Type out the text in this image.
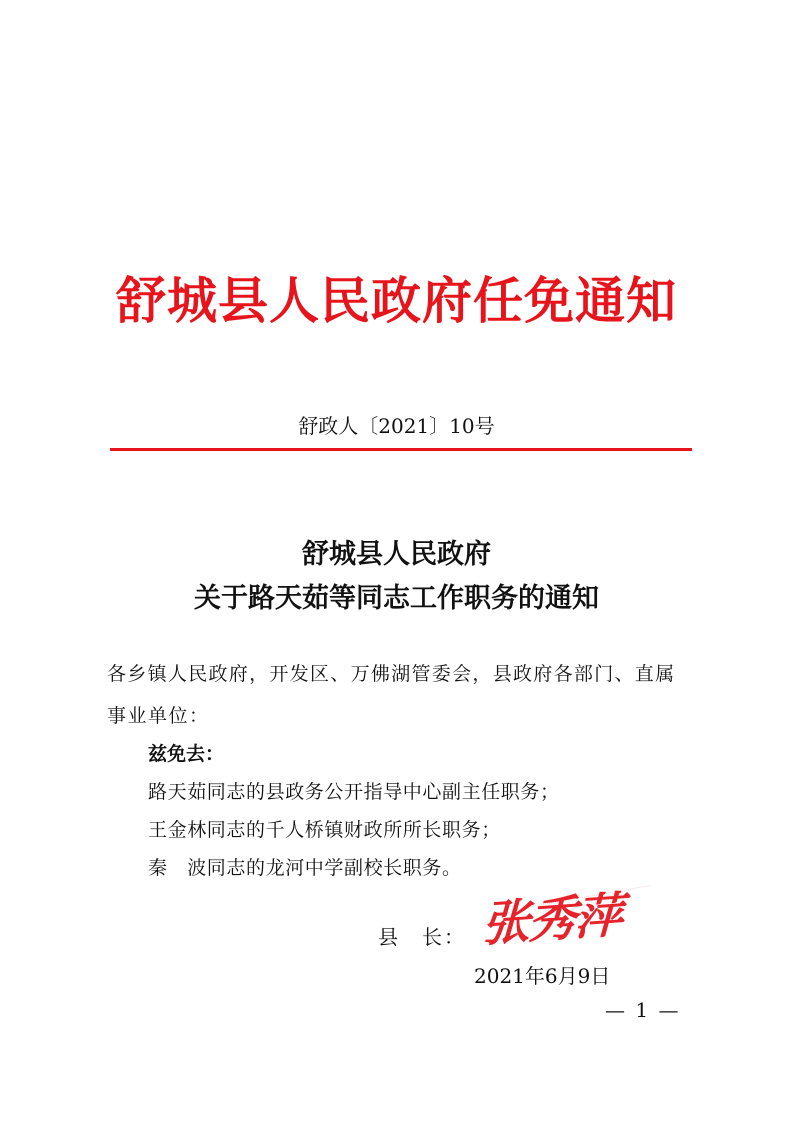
舒城县人民政府任免通知
舒政人〔2021〕10号
舒城县人民政府
关于路天茹等同志工作职务的通知
各乡镇人民政府，开发区、万佛湖管委会，县政府各部门、直属
事业单位：
兹免去：
路天茹同志的县政务公开指导中心副主任职务；
王金林同志的千人桥镇财政所所长职务；
秦　波同志的龙河中学副校长职务。
县　长： 张秀萍
2021年6月9日
— 1 —
